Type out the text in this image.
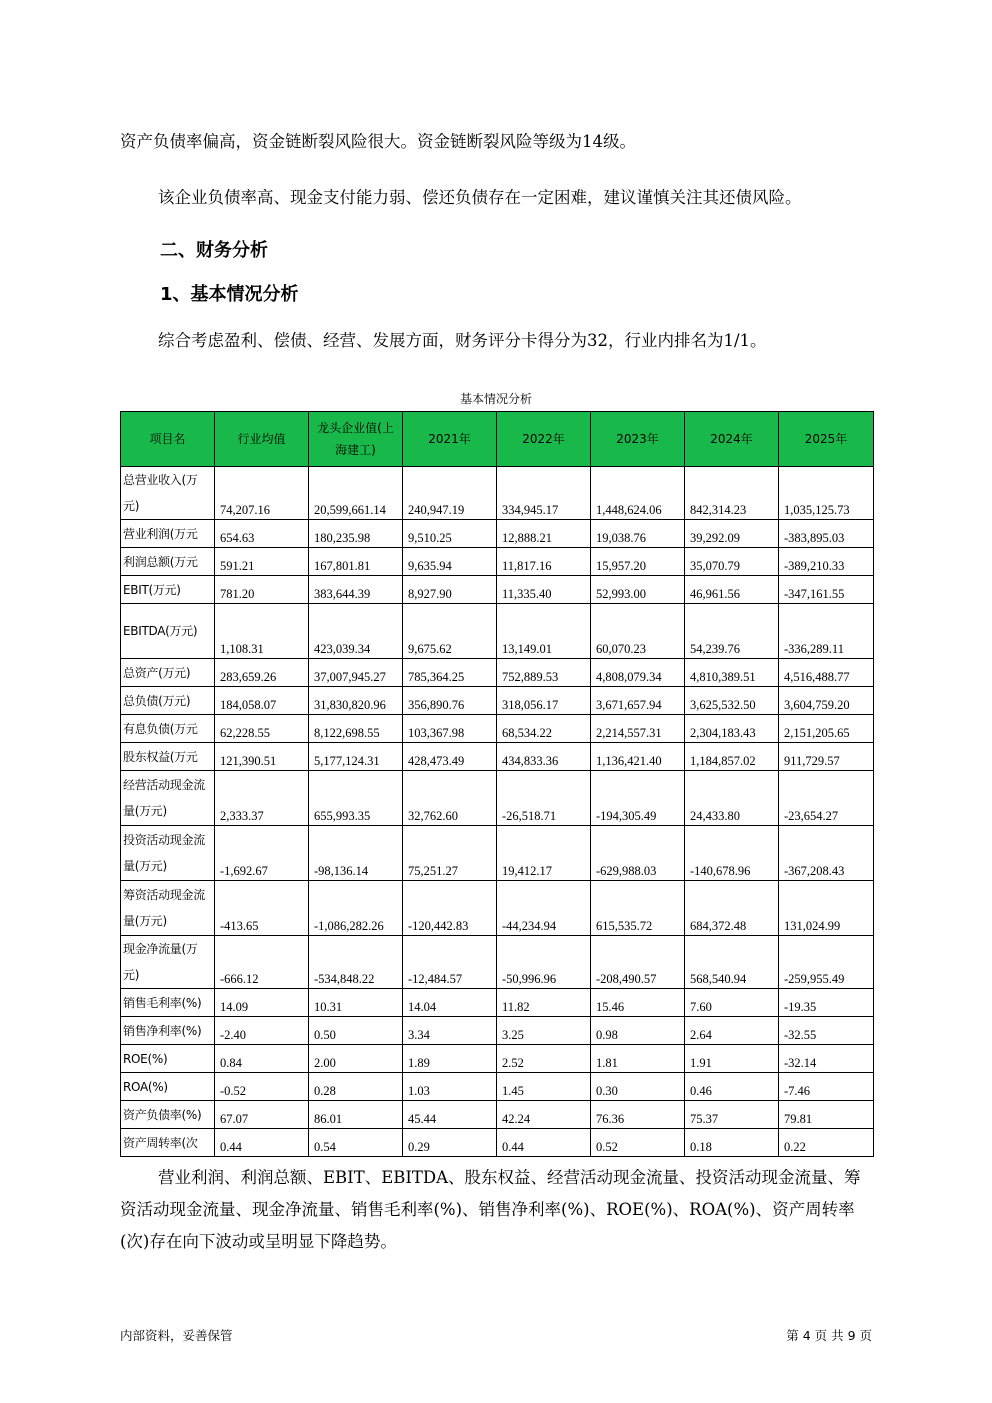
资产负债率偏高，资金链断裂风险很大。资金链断裂风险等级为14级。

该企业负债率高、现金支付能力弱、偿还负债存在一定困难，建议谨慎关注其还债风险。

二、财务分析
1、基本情况分析

综合考虑盈利、偿债、经营、发展方面，财务评分卡得分为32，行业内排名为1/1。

基本情况分析
项目名	行业均值	龙头企业值(上海建工)	2021年	2022年	2023年	2024年	2025年
总营业收入(万元)	74,207.16	20,599,661.14	240,947.19	334,945.17	1,448,624.06	842,314.23	1,035,125.73
营业利润(万元	654.63	180,235.98	9,510.25	12,888.21	19,038.76	39,292.09	-383,895.03
利润总额(万元	591.21	167,801.81	9,635.94	11,817.16	15,957.20	35,070.79	-389,210.33
EBIT(万元)	781.20	383,644.39	8,927.90	11,335.40	52,993.00	46,961.56	-347,161.55
EBITDA(万元)	1,108.31	423,039.34	9,675.62	13,149.01	60,070.23	54,239.76	-336,289.11
总资产(万元)	283,659.26	37,007,945.27	785,364.25	752,889.53	4,808,079.34	4,810,389.51	4,516,488.77
总负债(万元)	184,058.07	31,830,820.96	356,890.76	318,056.17	3,671,657.94	3,625,532.50	3,604,759.20
有息负债(万元	62,228.55	8,122,698.55	103,367.98	68,534.22	2,214,557.31	2,304,183.43	2,151,205.65
股东权益(万元	121,390.51	5,177,124.31	428,473.49	434,833.36	1,136,421.40	1,184,857.02	911,729.57
经营活动现金流量(万元)	2,333.37	655,993.35	32,762.60	-26,518.71	-194,305.49	24,433.80	-23,654.27
投资活动现金流量(万元)	-1,692.67	-98,136.14	75,251.27	19,412.17	-629,988.03	-140,678.96	-367,208.43
筹资活动现金流量(万元)	-413.65	-1,086,282.26	-120,442.83	-44,234.94	615,535.72	684,372.48	131,024.99
现金净流量(万元)	-666.12	-534,848.22	-12,484.57	-50,996.96	-208,490.57	568,540.94	-259,955.49
销售毛利率(%)	14.09	10.31	14.04	11.82	15.46	7.60	-19.35
销售净利率(%)	-2.40	0.50	3.34	3.25	0.98	2.64	-32.55
ROE(%)	0.84	2.00	1.89	2.52	1.81	1.91	-32.14
ROA(%)	-0.52	0.28	1.03	1.45	0.30	0.46	-7.46
资产负债率(%)	67.07	86.01	45.44	42.24	76.36	75.37	79.81
资产周转率(次	0.44	0.54	0.29	0.44	0.52	0.18	0.22

营业利润、利润总额、EBIT、EBITDA、股东权益、经营活动现金流量、投资活动现金流量、筹资活动现金流量、现金净流量、销售毛利率(%)、销售净利率(%)、ROE(%)、ROA(%)、资产周转率(次)存在向下波动或呈明显下降趋势。

内部资料，妥善保管	第 4 页 共 9 页
